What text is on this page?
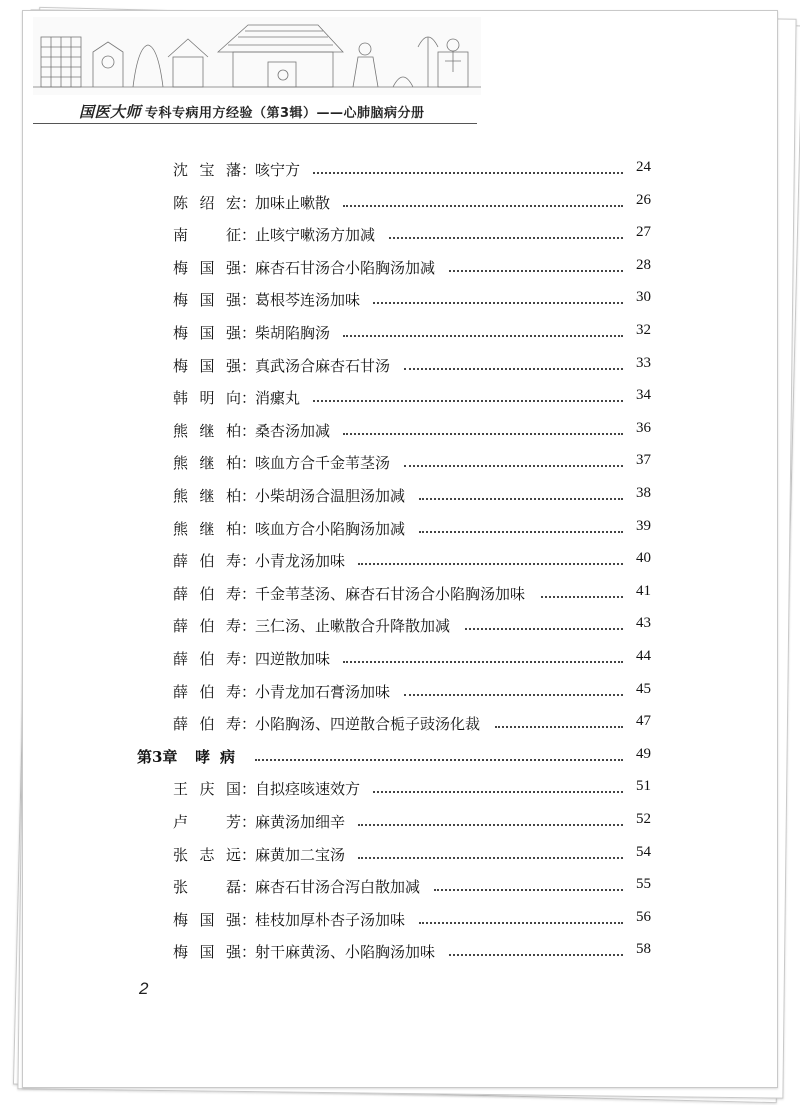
国医大师 专科专病用方经验（第3辑）——心肺脑病分册
沈宝藩 ：
咳宁方	24
陈绍宏 ：
加味止嗽散	26
南　征 ：
止咳宁嗽汤方加减	27
梅国强 ：
麻杏石甘汤合小陷胸汤加减	28
梅国强 ：
葛根芩连汤加味	30
梅国强 ：
柴胡陷胸汤	32
梅国强 ：
真武汤合麻杏石甘汤	33
韩明向 ：
消瘰丸	34
熊继柏 ：
桑杏汤加减	36
熊继柏 ：
咳血方合千金苇茎汤	37
熊继柏 ：
小柴胡汤合温胆汤加减	38
熊继柏 ：
咳血方合小陷胸汤加减	39
薛伯寿 ：
小青龙汤加味	40
薛伯寿 ：
千金苇茎汤、麻杏石甘汤合小陷胸汤加味	41
薛伯寿 ：
三仁汤、止嗽散合升降散加减	43
薛伯寿 ：
四逆散加味	44
薛伯寿 ：
小青龙加石膏汤加味	45
薛伯寿 ：
小陷胸汤、四逆散合栀子豉汤化裁	47
第3章 哮病	49
王庆国 ：
自拟痉咳速效方	51
卢　芳 ：
麻黄汤加细辛	52
张志远 ：
麻黄加二宝汤	54
张　磊 ：
麻杏石甘汤合泻白散加减	55
梅国强 ：
桂枝加厚朴杏子汤加味	56
梅国强 ：
射干麻黄汤、小陷胸汤加味	58
2
